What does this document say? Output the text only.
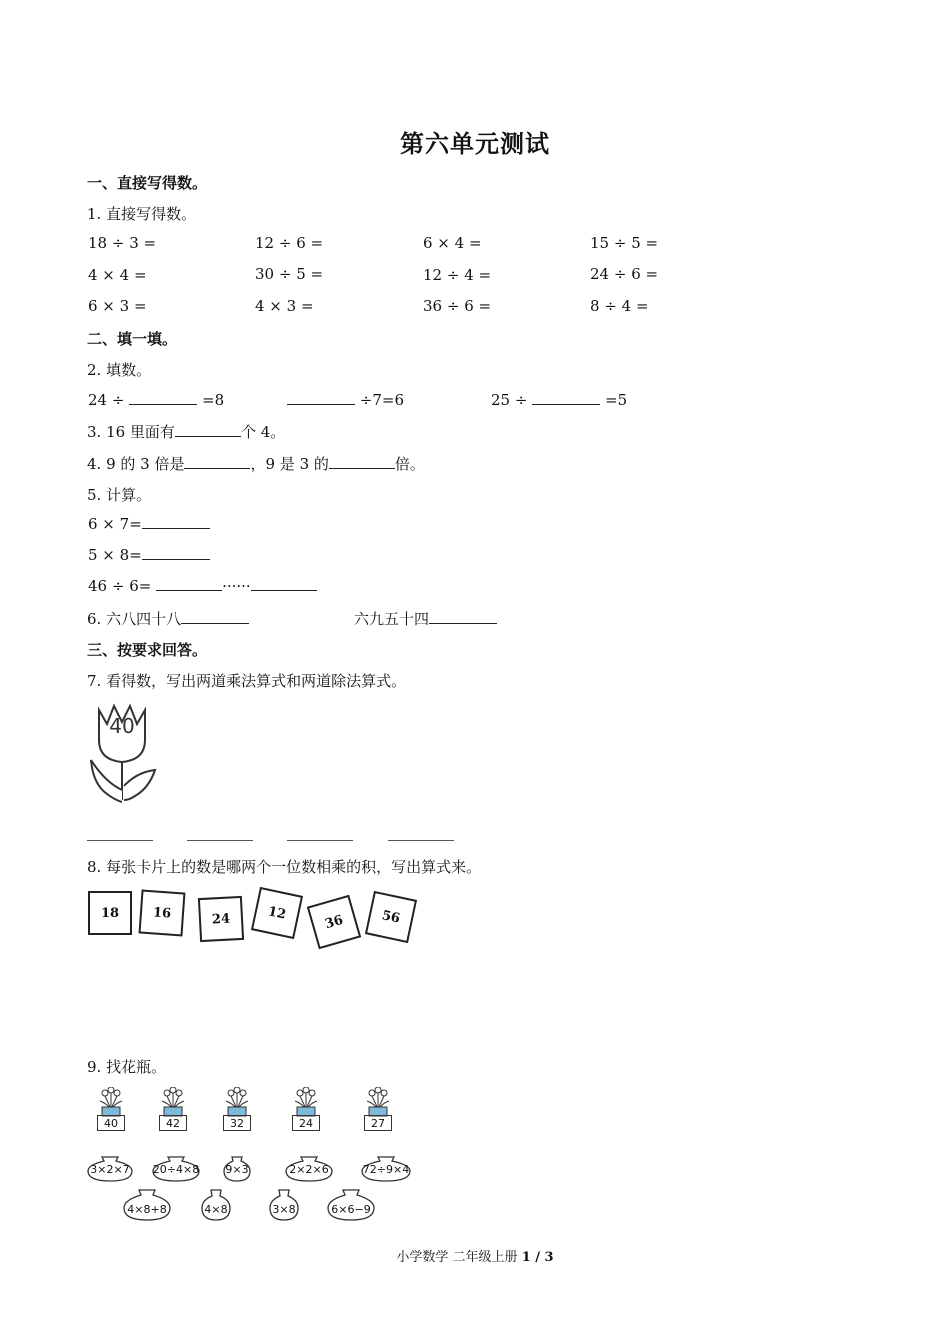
第六单元测试
一、直接写得数。
1. 直接写得数。
18 ÷ 3 =	12 ÷ 6 =	6 × 4 =	15 ÷ 5 =
4 × 4 =	30 ÷ 5 =	12 ÷ 4 =	24 ÷ 6 =
6 × 3 =	4 × 3 =	36 ÷ 6 =	8 ÷ 4 =
二、填一填。
2. 填数。
24 ÷	=8	÷7=6	25 ÷	=5
3. 16 里面有	个 4。
4. 9 的 3 倍是	，9 是 3 的	倍。
5. 计算。
6 × 7=
5 × 8=
46 ÷ 6=	······
6. 六八四十八	六九五十四
三、按要求回答。
7. 看得数，写出两道乘法算式和两道除法算式。
40
8. 每张卡片上的数是哪两个一位数相乘的积，写出算式来。
18	16	24	12	36	56
9. 找花瓶。
40	42	32	24	27
3×2×7 20÷4×8 9×3	2×2×6	72÷9×4
4×8+8	4×8	3×8	6×6−9
小学数学 二年级上册 1 / 3
